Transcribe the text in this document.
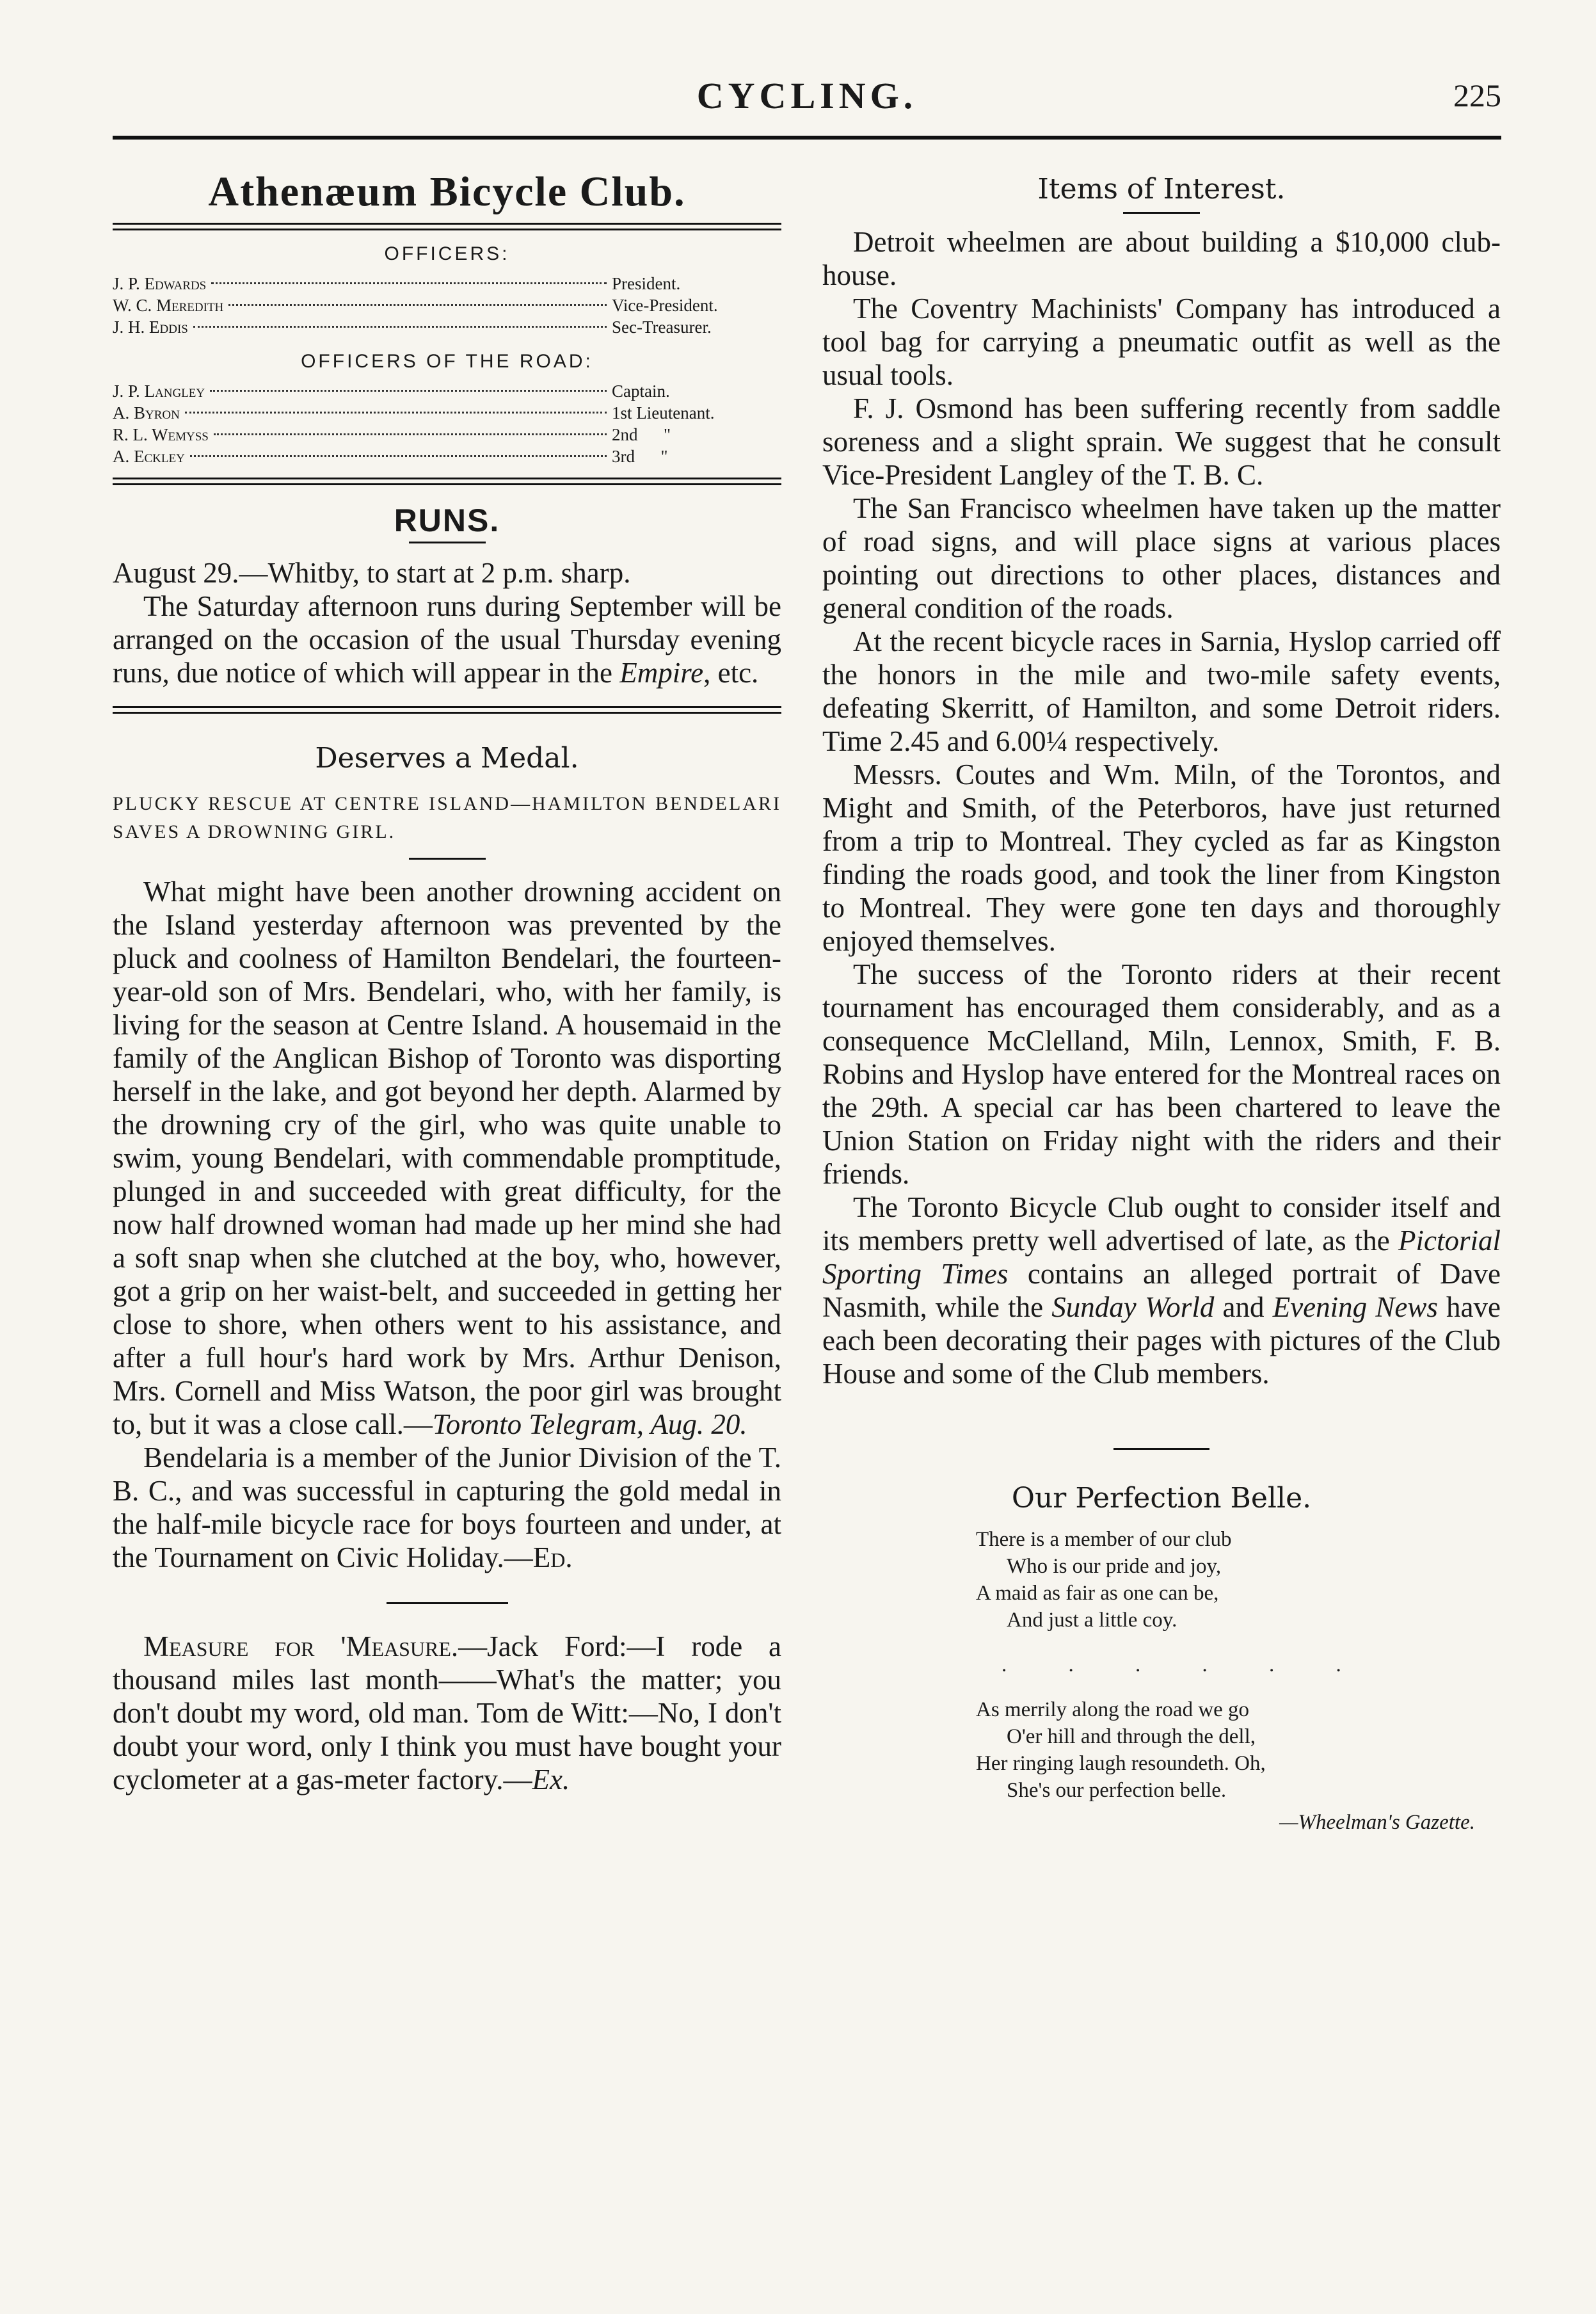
CYCLING.	225
Athenæum Bicycle Club.
OFFICERS:
J. P. Edwards	President.
W. C. Meredith	Vice-President.
J. H. Eddis	Sec-Treasurer.
OFFICERS OF THE ROAD:
J. P. Langley	Captain.
A. Byron	1st Lieutenant.
R. L. Wemyss	2nd      "
A. Eckley	3rd      "
RUNS.

August 29.—Whitby, to start at 2 p.m. sharp.

The Saturday afternoon runs during September will be arranged on the occasion of the usual Thursday evening runs, due notice of which will appear in the Empire, etc.

Deserves a Medal.

PLUCKY RESCUE AT CENTRE ISLAND—HAMILTON BENDELARI SAVES A DROWNING GIRL.

What might have been another drowning accident on the Island yesterday afternoon was prevented by the pluck and coolness of Hamilton Bendelari, the fourteen-year-old son of Mrs. Bendelari, who, with her family, is living for the season at Centre Island. A housemaid in the family of the Anglican Bishop of Toronto was disporting herself in the lake, and got beyond her depth. Alarmed by the drowning cry of the girl, who was quite unable to swim, young Bendelari, with commendable promptitude, plunged in and succeeded with great difficulty, for the now half drowned woman had made up her mind she had a soft snap when she clutched at the boy, who, however, got a grip on her waist-belt, and succeeded in getting her close to shore, when others went to his assistance, and after a full hour's hard work by Mrs. Arthur Denison, Mrs. Cornell and Miss Watson, the poor girl was brought to, but it was a close call.—Toronto Telegram, Aug. 20.

Bendelaria is a member of the Junior Division of the T. B. C., and was successful in capturing the gold medal in the half-mile bicycle race for boys fourteen and under, at the Tournament on Civic Holiday.—Ed.

Measure for 'Measure.—Jack Ford:—I rode a thousand miles last month——What's the matter; you don't doubt my word, old man. Tom de Witt:—No, I don't doubt your word, only I think you must have bought your cyclometer at a gas-meter factory.—Ex.

Items of Interest.

Detroit wheelmen are about building a $10,000 club-house.

The Coventry Machinists' Company has introduced a tool bag for carrying a pneumatic outfit as well as the usual tools.

F. J. Osmond has been suffering recently from saddle soreness and a slight sprain. We suggest that he consult Vice-President Langley of the T. B. C.

The San Francisco wheelmen have taken up the matter of road signs, and will place signs at various places pointing out directions to other places, distances and general condition of the roads.

At the recent bicycle races in Sarnia, Hyslop carried off the honors in the mile and two-mile safety events, defeating Skerritt, of Hamilton, and some Detroit riders. Time 2.45 and 6.00¼ respectively.

Messrs. Coutes and Wm. Miln, of the Torontos, and Might and Smith, of the Peterboros, have just returned from a trip to Montreal. They cycled as far as Kingston finding the roads good, and took the liner from Kingston to Montreal. They were gone ten days and thoroughly enjoyed themselves.

The success of the Toronto riders at their recent tournament has encouraged them considerably, and as a consequence McClelland, Miln, Lennox, Smith, F. B. Robins and Hyslop have entered for the Montreal races on the 29th. A special car has been chartered to leave the Union Station on Friday night with the riders and their friends.

The Toronto Bicycle Club ought to consider itself and its members pretty well advertised of late, as the Pictorial Sporting Times contains an alleged portrait of Dave Nasmith, while the Sunday World and Evening News have each been decorating their pages with pictures of the Club House and some of the Club members.

Our Perfection Belle.
There is a member of our club
Who is our pride and joy,
A maid as fair as one can be,
And just a little coy.
. . . . . .
As merrily along the road we go
O'er hill and through the dell,
Her ringing laugh resoundeth. Oh,
She's our perfection belle.
—Wheelman's Gazette.
